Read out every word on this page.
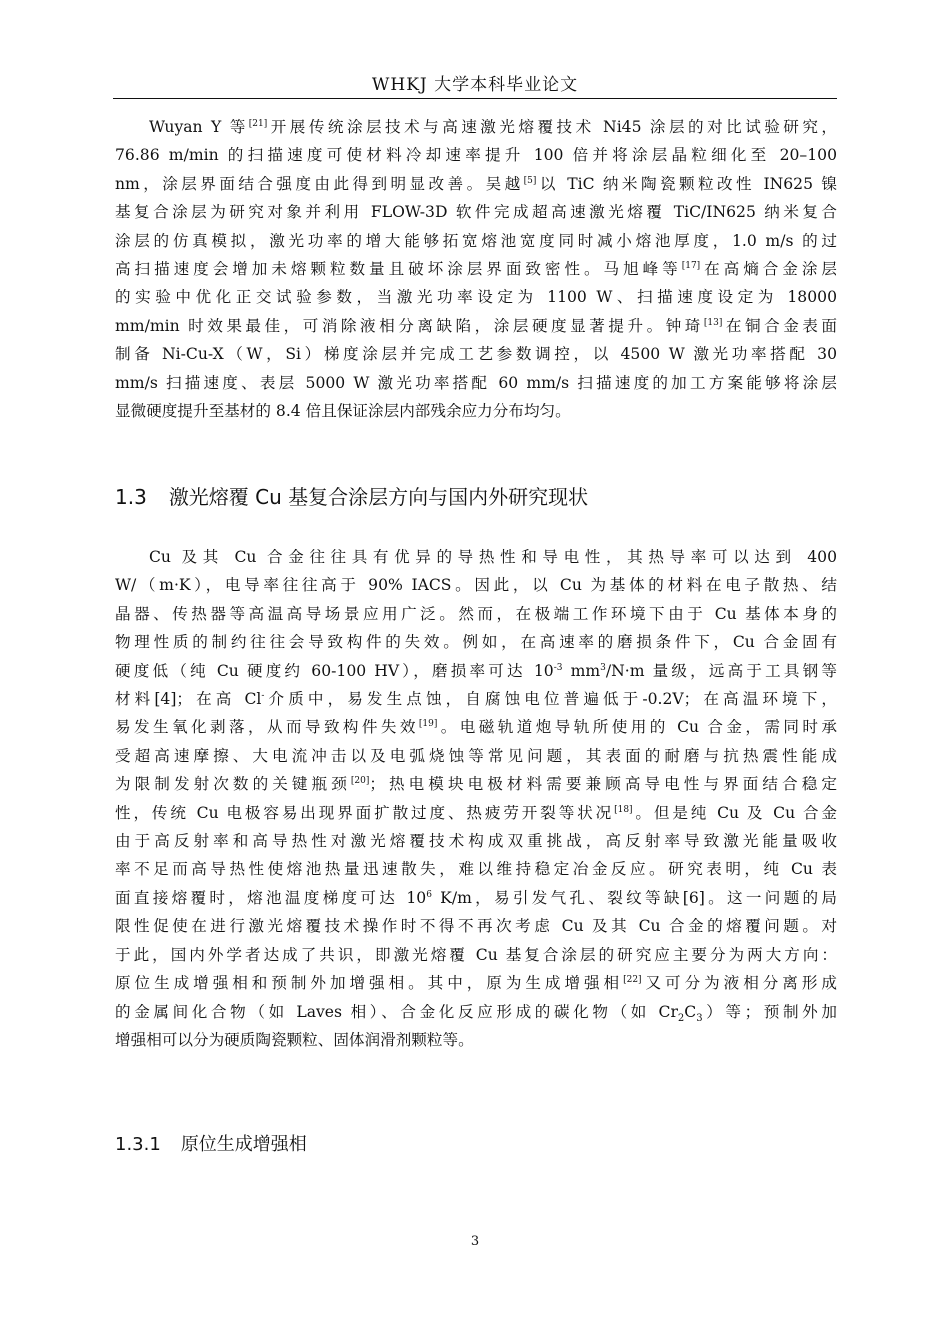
WHKJ 大学本科毕业论文
Wuyan Y 等[21]开展传统涂层技术与高速激光熔覆技术 Ni45 涂层的对比试验研究，
76.86 m/min 的扫描速度可使材料冷却速率提升 100 倍并将涂层晶粒细化至 20–100
nm，涂层界面结合强度由此得到明显改善。吴越[5]以 TiC 纳米陶瓷颗粒改性 IN625 镍
基复合涂层为研究对象并利用 FLOW-3D 软件完成超高速激光熔覆 TiC/IN625 纳米复合
涂层的仿真模拟，激光功率的增大能够拓宽熔池宽度同时减小熔池厚度，1.0 m/s 的过
高扫描速度会增加未熔颗粒数量且破坏涂层界面致密性。马旭峰等[17]在高熵合金涂层
的实验中优化正交试验参数，当激光功率设定为 1100 W、扫描速度设定为 18000
mm/min 时效果最佳，可消除液相分离缺陷，涂层硬度显著提升。钟琦[13]在铜合金表面
制备 Ni-Cu-X（W，Si）梯度涂层并完成工艺参数调控，以 4500 W 激光功率搭配 30
mm/s 扫描速度、表层 5000 W 激光功率搭配 60 mm/s 扫描速度的加工方案能够将涂层
显微硬度提升至基材的 8.4 倍且保证涂层内部残余应力分布均匀。
1.3 激光熔覆 Cu 基复合涂层方向与国内外研究现状
Cu 及其 Cu 合金往往具有优异的导热性和导电性，其热导率可以达到 400
W/（m·K），电导率往往高于 90% IACS。因此，以 Cu 为基体的材料在电子散热、结
晶器、传热器等高温高导场景应用广泛。然而，在极端工作环境下由于 Cu 基体本身的
物理性质的制约往往会导致构件的失效。例如，在高速率的磨损条件下，Cu 合金固有
硬度低（纯 Cu 硬度约 60-100 HV），磨损率可达 $10^{-3}$ $mm^3/N\cdot m$ 量级，远高于工具钢等
材料[4]；在高 Cl-介质中，易发生点蚀，自腐蚀电位普遍低于-0.2V；在高温环境下，
易发生氧化剥落，从而导致构件失效[19]。电磁轨道炮导轨所使用的 Cu 合金，需同时承
受超高速摩擦、大电流冲击以及电弧烧蚀等常见问题，其表面的耐磨与抗热震性能成
为限制发射次数的关键瓶颈[20]；热电模块电极材料需要兼顾高导电性与界面结合稳定
性，传统 Cu 电极容易出现界面扩散过度、热疲劳开裂等状况[18]。但是纯 Cu 及 Cu 合金
由于高反射率和高导热性对激光熔覆技术构成双重挑战，高反射率导致激光能量吸收
率不足而高导热性使熔池热量迅速散失，难以维持稳定冶金反应。研究表明，纯 Cu 表
面直接熔覆时，熔池温度梯度可达 $10^6$ K/m，易引发气孔、裂纹等缺[6]。这一问题的局
限性促使在进行激光熔覆技术操作时不得不再次考虑 Cu 及其 Cu 合金的熔覆问题。对
于此，国内外学者达成了共识，即激光熔覆 Cu 基复合涂层的研究应主要分为两大方向：
原位生成增强相和预制外加增强相。其中，原为生成增强相[22]又可分为液相分离形成
的金属间化合物（如 Laves 相）、合金化反应形成的碳化物（如 $Cr_2C_3$）等；预制外加
增强相可以分为硬质陶瓷颗粒、固体润滑剂颗粒等。
1.3.1 原位生成增强相
3
